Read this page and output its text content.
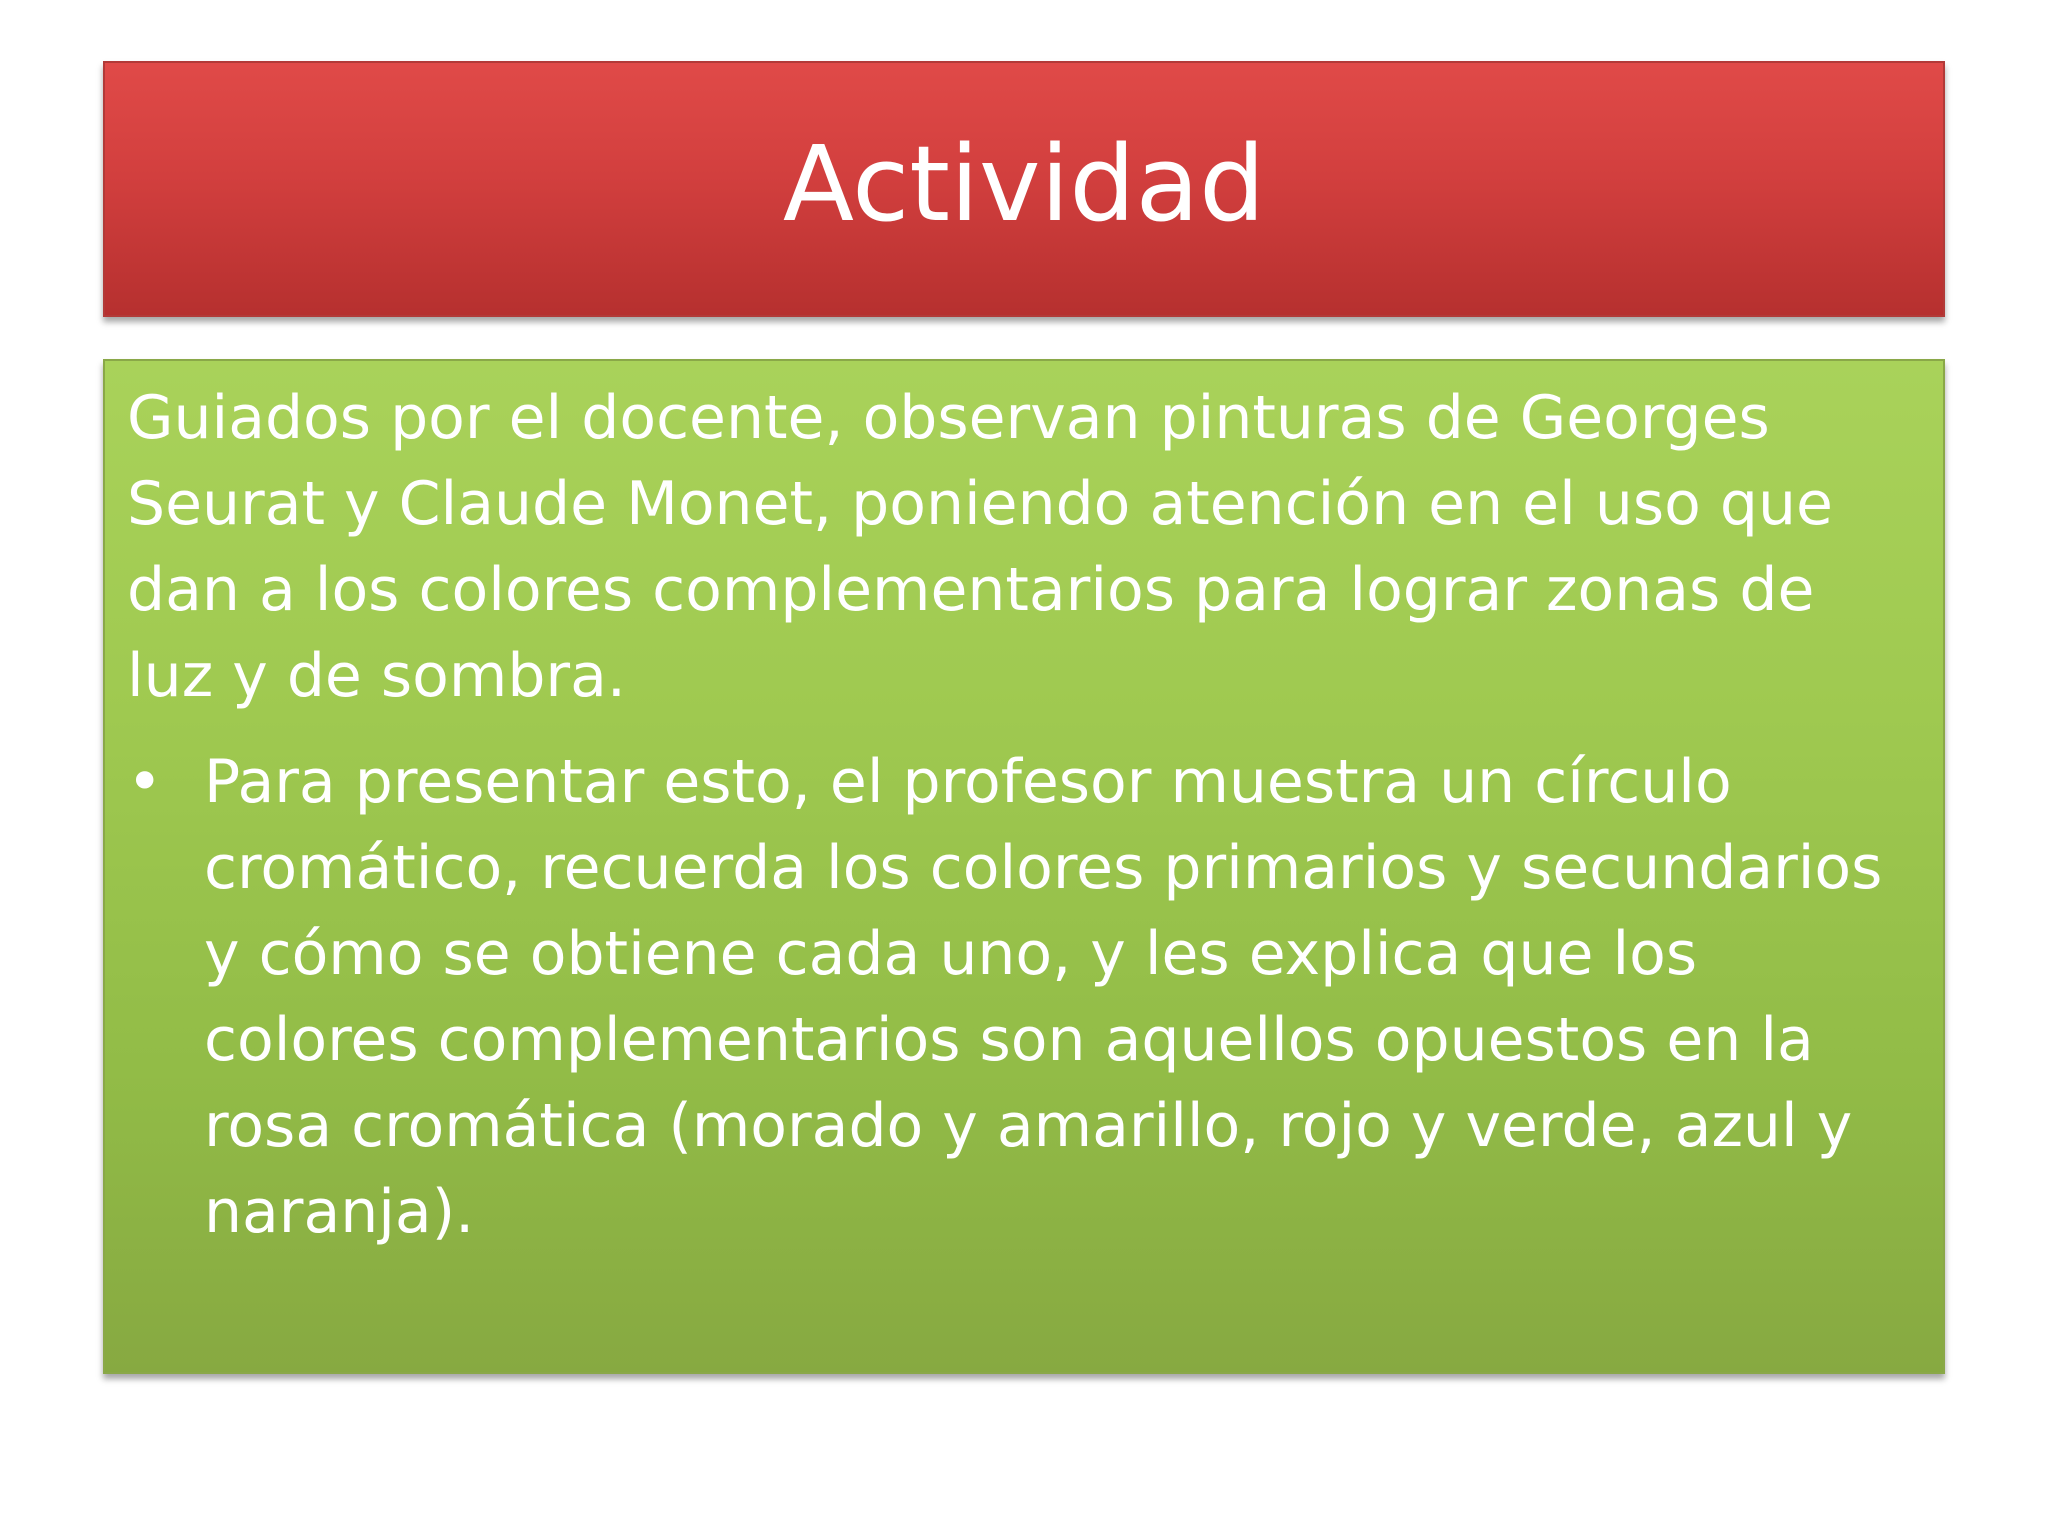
Actividad

Guiados por el docente, observan pinturas de Georges Seurat y Claude Monet, poniendo atención en el uso que dan a los colores complementarios para lograr zonas de luz y de sombra.

• Para presentar esto, el profesor muestra un círculo cromático, recuerda los colores primarios y secundarios y cómo se obtiene cada uno, y les explica que los colores complementarios son aquellos opuestos en la rosa cromática (morado y amarillo, rojo y verde, azul y naranja).
